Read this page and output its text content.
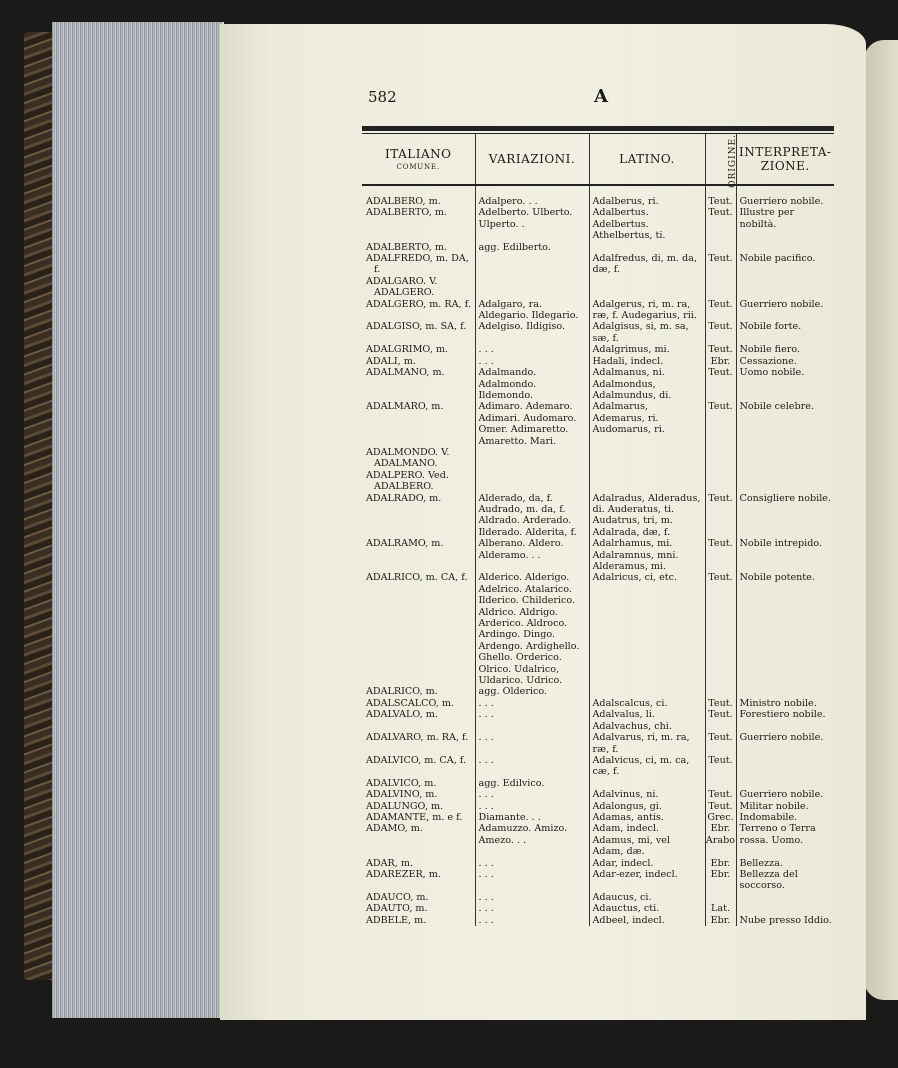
582	A
ITALIANO
COMUNE.	VARIAZIONI.	LATINO.	ORIGINE.	INTERPRETA- ZIONE.

ADALBERO, m.	Adalpero. . .	Adalberus, ri.	Teut.	Guerriero nobile.
ADALBERTO, m.	Adelberto. Ulberto. Ulperto. .	Adalbertus. Adelbertus. Athelbertus, ti.	Teut.	Illustre per nobiltà.
ADALBERTO, m.	agg. Edilberto.			
ADALFREDO, m. DA, f.		Adalfredus, di, m. da, dæ, f.	Teut.	Nobile pacifico.
ADALGARO. V. ADALGERO.				
ADALGERO, m. RA, f.	Adalgaro, ra. Aldegario. Ildegario.	Adalgerus, ri, m. ra, ræ, f. Audegarius, rii.	Teut.	Guerriero nobile.
ADALGISO, m. SA, f.	Adelgiso. Ildigiso.	Adalgisus, si, m. sa, sæ, f.	Teut.	Nobile forte.
ADALGRIMO, m.	. . .	Adalgrimus, mi.	Teut.	Nobile fiero.
ADALI, m.	. . .	Hadali, indecl.	Ebr.	Cessazione.
ADALMANO, m.	Adalmando. Adalmondo. Ildemondo.	Adalmanus, ni. Adalmondus, Adalmundus, di.	Teut.	Uomo nobile.
ADALMARO, m.	Adimaro. Ademaro. Adimari. Audomaro. Omer. Adimaretto. Amaretto. Mari.	Adalmarus, Ademarus, ri. Audomarus, ri.	Teut.	Nobile celebre.
ADALMONDO. V. ADALMANO.				
ADALPERO. Ved. ADALBERO.				
ADALRADO, m.	Alderado, da, f. Audrado, m. da, f. Aldrado. Arderado. Ilderado. Alderita, f.	Adalradus, Alderadus, di. Auderatus, ti. Audatrus, tri, m. Adalrada, dæ, f.	Teut.	Consigliere nobile.
ADALRAMO, m.	Alberano. Aldero. Alderamo. . .	Adalrhamus, mi. Adalramnus, mni. Alderamus, mi.	Teut.	Nobile intrepido.
ADALRICO, m. CA, f.	Alderico. Alderigo. Adelrico. Atalarico. Ilderico. Childerico. Aldrico. Aldrigo. Arderico. Aldroco. Ardingo. Dingo. Ardengo. Ardighello. Ghello. Orderico. Olrico. Udalrico, Uldarico. Udrico.	Adalricus, ci, etc.	Teut.	Nobile potente.
ADALRICO, m.	agg. Olderico.			
ADALSCALCO, m.	. . .	Adalscalcus, ci.	Teut.	Ministro nobile.
ADALVALO, m.	. . .	Adalvalus, li. Adalvachus, chi.	Teut.	Forestiero nobile.
ADALVARO, m. RA, f.	. . .	Adalvarus, ri, m. ra, ræ, f.	Teut.	Guerriero nobile.
ADALVICO, m. CA, f.	. . .	Adalvicus, ci, m. ca, cæ, f.	Teut.	
ADALVICO, m.	agg. Edilvico.			
ADALVINO, m.	. . .	Adalvinus, ni.	Teut.	Guerriero nobile.
ADALUNGO, m.	. . .	Adalongus, gi.	Teut.	Militar nobile.
ADAMANTE, m. e f.	Diamante. . .	Adamas, antis.	Grec.	Indomabile.
ADAMO, m.	Adamuzzo. Amizo. Amezo. . .	Adam, indecl. Adamus, mi, vel Adam, dæ.	Ebr. Arabo	Terreno o Terra rossa. Uomo.
ADAR, m.	. . .	Adar, indecl.	Ebr.	Bellezza.
ADAREZER, m.	. . .	Adar-ezer, indecl.	Ebr.	Bellezza del soccorso.
ADAUCO, m.	. . .	Adaucus, ci.		
ADAUTO, m.	. . .	Adauctus, cti.	Lat.	
ADBELE, m.	. . .	Adbeel, indecl.	Ebr.	Nube presso Iddio.
